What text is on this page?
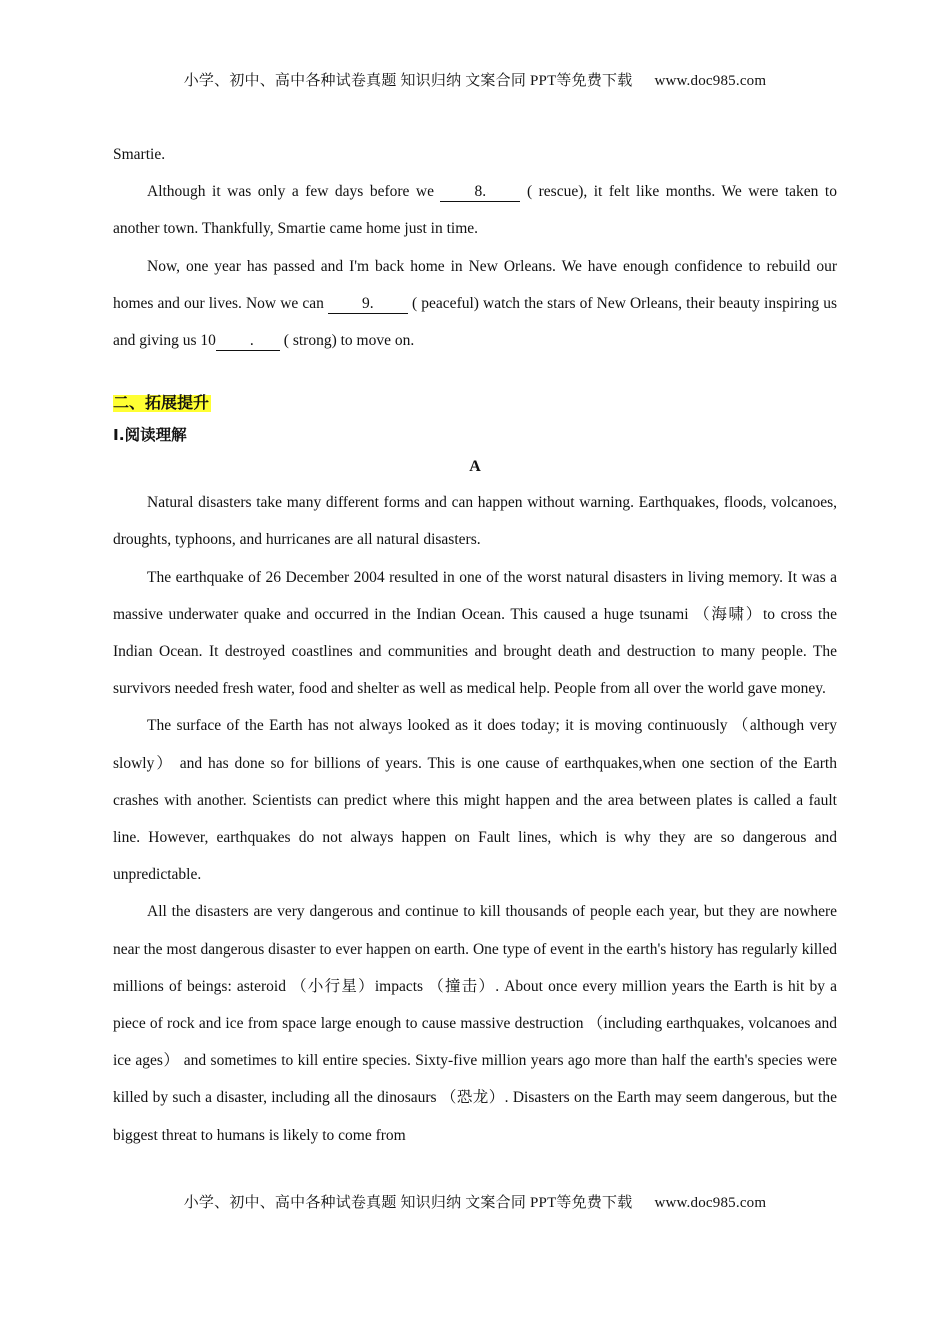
小学、初中、高中各种试卷真题 知识归纳 文案合同 PPT等免费下载 www.doc985.com

Smartie.

Although it was only a few days before we 8. ( rescue), it felt like months. We were taken to another town. Thankfully, Smartie came home just in time.

Now, one year has passed and I'm back home in New Orleans. We have enough confidence to rebuild our homes and our lives. Now we can 9. ( peaceful) watch the stars of New Orleans, their beauty inspiring us and giving us 10 . ( strong) to move on.

二、拓展提升
I.阅读理解
A

Natural disasters take many different forms and can happen without warning. Earthquakes, floods, volcanoes, droughts, typhoons, and hurricanes are all natural disasters.

The earthquake of 26 December 2004 resulted in one of the worst natural disasters in living memory. It was a massive underwater quake and occurred in the Indian Ocean. This caused a huge tsunami （海啸）to cross the Indian Ocean. It destroyed coastlines and communities and brought death and destruction to many people. The survivors needed fresh water, food and shelter as well as medical help. People from all over the world gave money.

The surface of the Earth has not always looked as it does today; it is moving continuously （although very slowly） and has done so for billions of years. This is one cause of earthquakes,when one section of the Earth crashes with another. Scientists can predict where this might happen and the area between plates is called a fault line. However, earthquakes do not always happen on Fault lines, which is why they are so dangerous and unpredictable.

All the disasters are very dangerous and continue to kill thousands of people each year, but they are nowhere near the most dangerous disaster to ever happen on earth. One type of event in the earth's history has regularly killed millions of beings: asteroid （小行星）impacts （撞击）. About once every million years the Earth is hit by a piece of rock and ice from space large enough to cause massive destruction （including earthquakes, volcanoes and ice ages） and sometimes to kill entire species. Sixty-five million years ago more than half the earth's species were killed by such a disaster, including all the dinosaurs （恐龙）. Disasters on the Earth may seem dangerous, but the biggest threat to humans is likely to come from

小学、初中、高中各种试卷真题 知识归纳 文案合同 PPT等免费下载 www.doc985.com
